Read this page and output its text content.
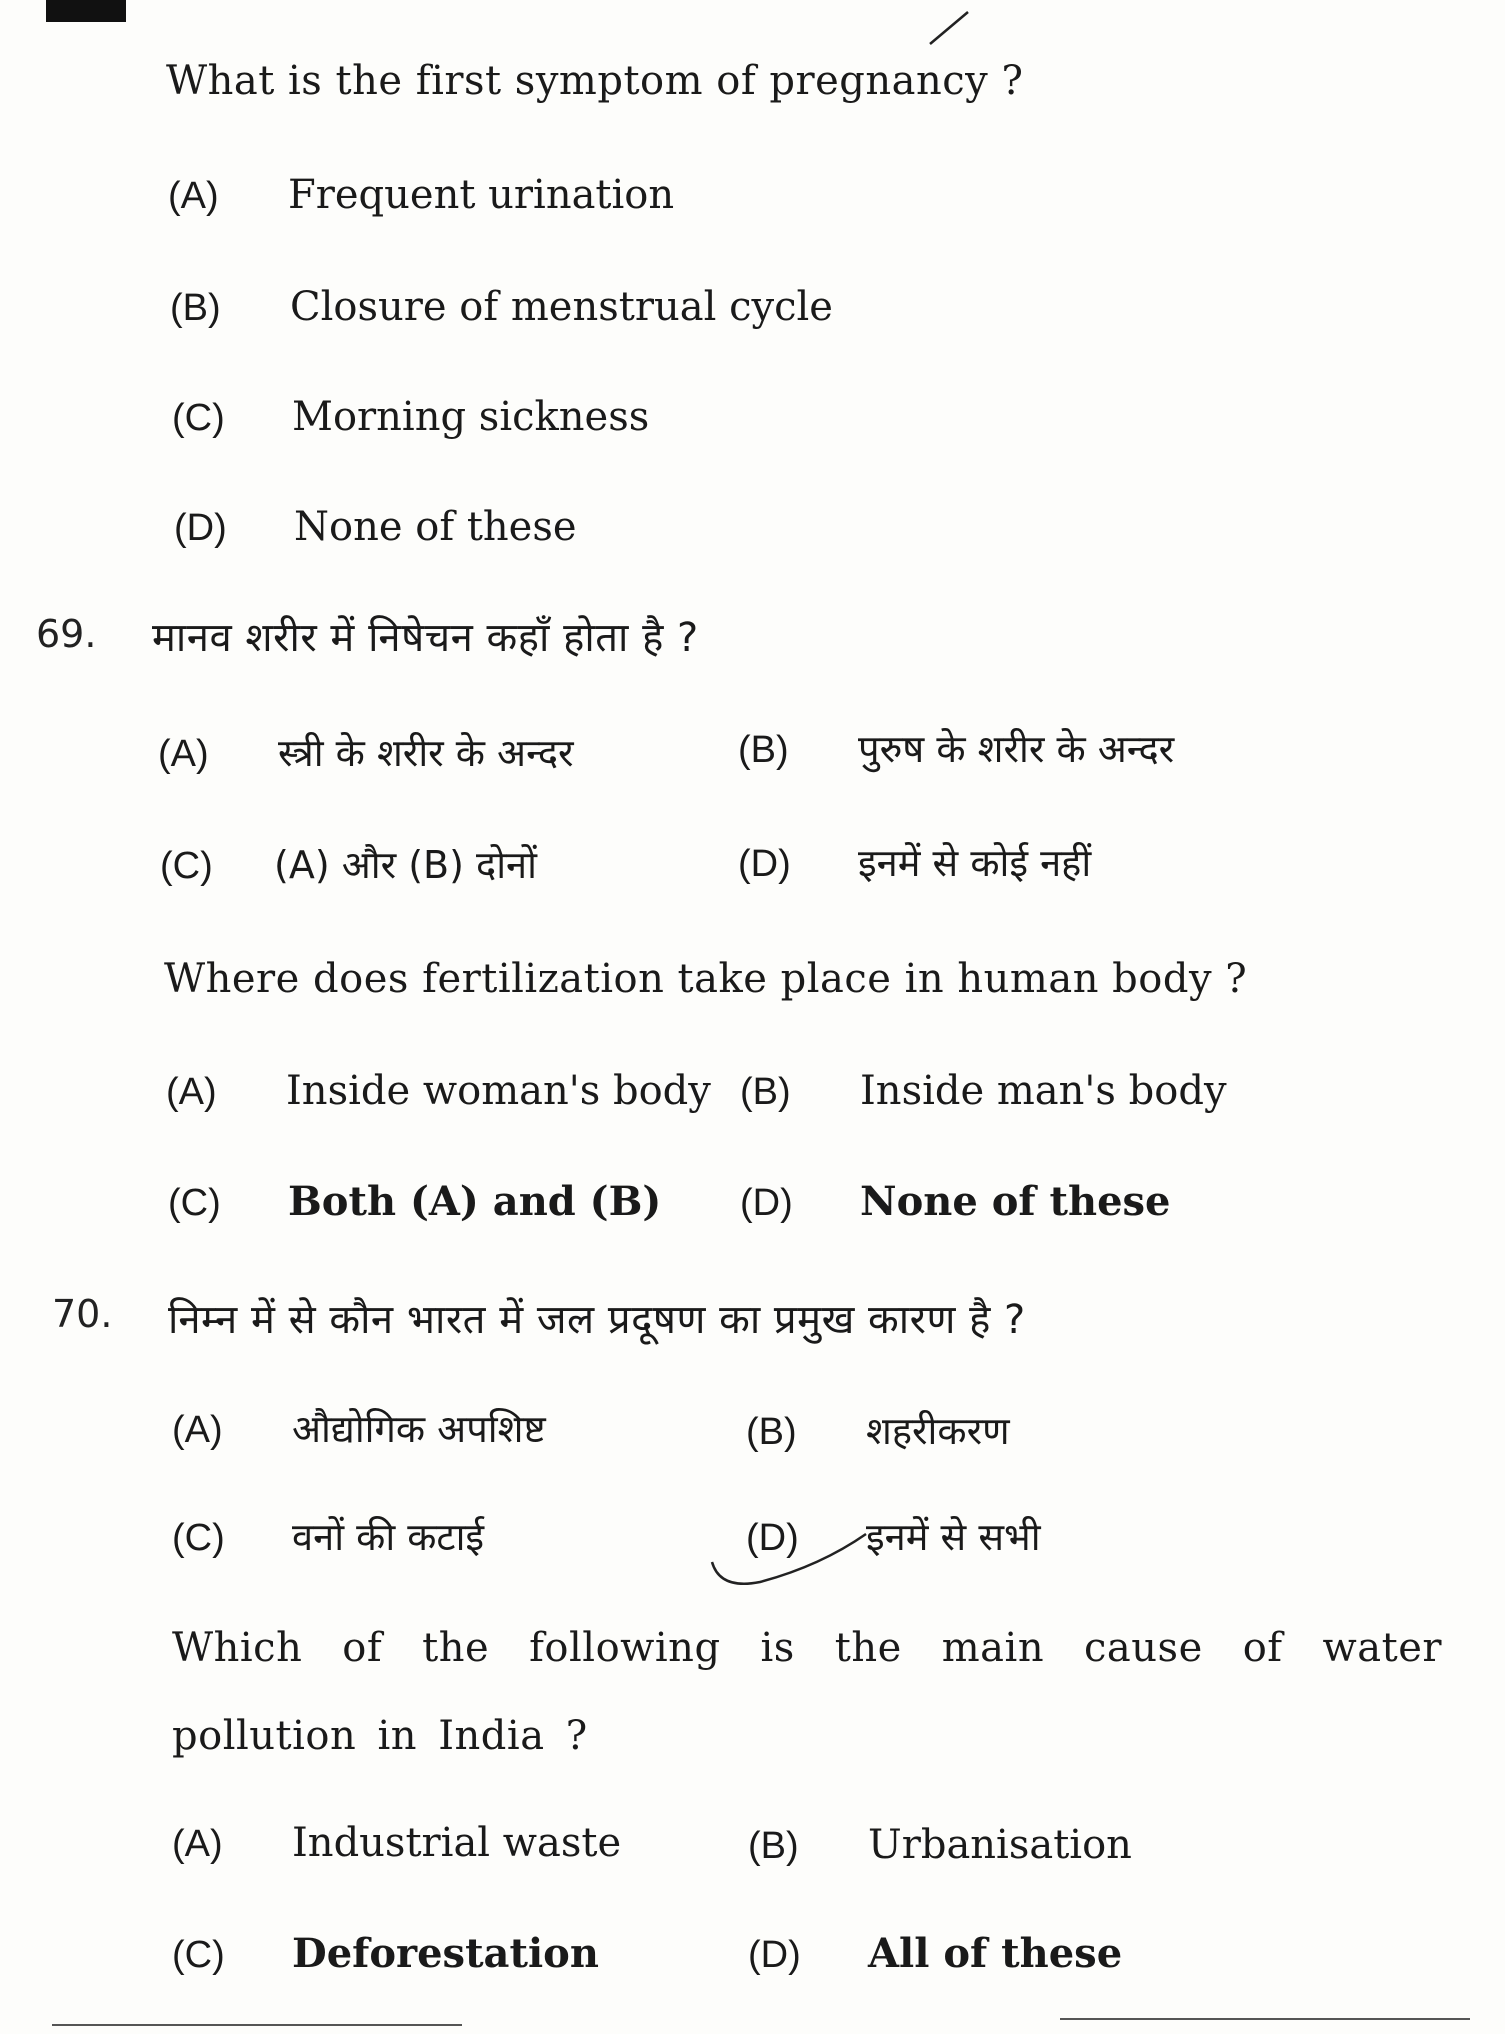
What is the first symptom of pregnancy ?
(A) Frequent urination
(B) Closure of menstrual cycle
(C) Morning sickness
(D) None of these
69. मानव शरीर में निषेचन कहाँ होता है ?
(A) स्त्री के शरीर के अन्दर	(B) पुरुष के शरीर के अन्दर
(C) (A) और (B) दोनों	(D) इनमें से कोई नहीं
Where does fertilization take place in human body ?
(A) Inside woman's body (B) Inside man's body
(C) Both (A) and (B) (D) None of these
70. निम्न में से कौन भारत में जल प्रदूषण का प्रमुख कारण है ?
(A) औद्योगिक अपशिष्ट	(B) शहरीकरण
(C) वनों की कटाई	(D) इनमें से सभी
Which of the following is the main cause of water pollution in India ?
(A) Industrial waste	(B) Urbanisation
(C) Deforestation	(D) All of these
